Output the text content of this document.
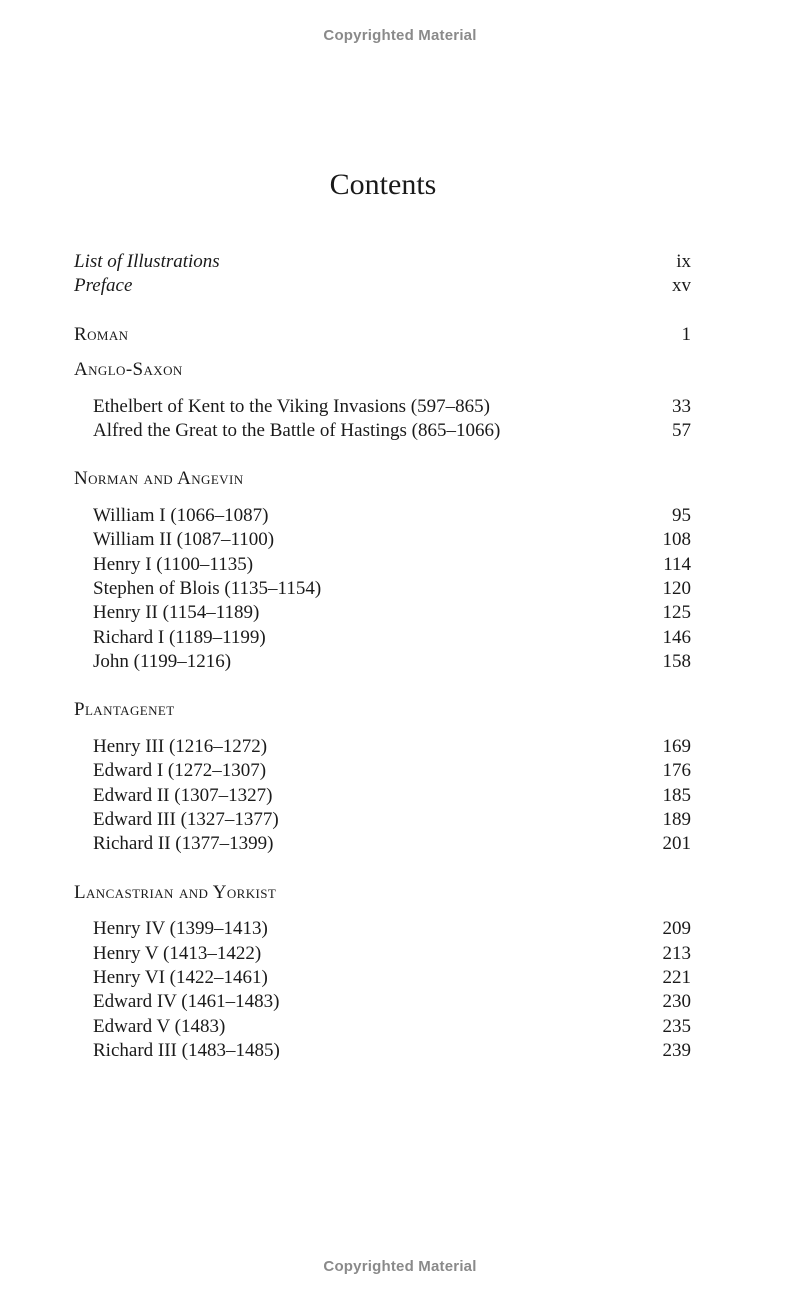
Copyrighted Material
Contents
List of Illustrations	ix
Preface	xv
Roman	1
Anglo-Saxon
Ethelbert of Kent to the Viking Invasions (597–865)	33
Alfred the Great to the Battle of Hastings (865–1066)	57
Norman and Angevin
William I (1066–1087)	95
William II (1087–1100)	108
Henry I (1100–1135)	114
Stephen of Blois (1135–1154)	120
Henry II (1154–1189)	125
Richard I (1189–1199)	146
John (1199–1216)	158
Plantagenet
Henry III (1216–1272)	169
Edward I (1272–1307)	176
Edward II (1307–1327)	185
Edward III (1327–1377)	189
Richard II (1377–1399)	201
Lancastrian and Yorkist
Henry IV (1399–1413)	209
Henry V (1413–1422)	213
Henry VI (1422–1461)	221
Edward IV (1461–1483)	230
Edward V (1483)	235
Richard III (1483–1485)	239
Copyrighted Material
